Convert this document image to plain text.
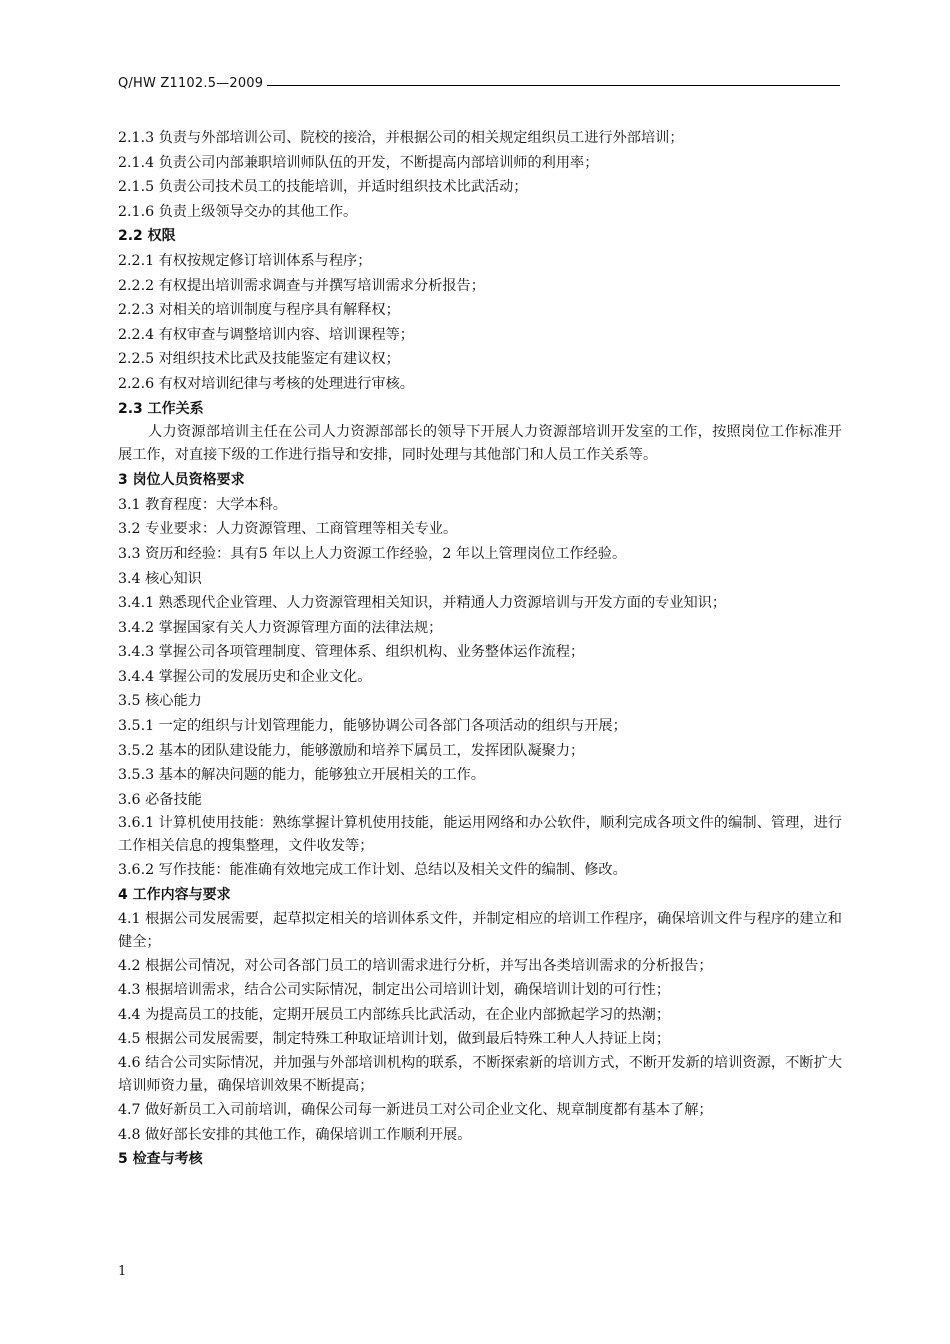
Q/HW Z1102.5—2009
2.1.3 负责与外部培训公司、院校的接洽，并根据公司的相关规定组织员工进行外部培训；
2.1.4 负责公司内部兼职培训师队伍的开发，不断提高内部培训师的利用率；
2.1.5 负责公司技术员工的技能培训，并适时组织技术比武活动；
2.1.6 负责上级领导交办的其他工作。
2.2 权限
2.2.1 有权按规定修订培训体系与程序；
2.2.2 有权提出培训需求调查与并撰写培训需求分析报告；
2.2.3 对相关的培训制度与程序具有解释权；
2.2.4 有权审查与调整培训内容、培训课程等；
2.2.5 对组织技术比武及技能鉴定有建议权；
2.2.6 有权对培训纪律与考核的处理进行审核。
2.3 工作关系

人力资源部培训主任在公司人力资源部部长的领导下开展人力资源部培训开发室的工作，按照岗位工作标准开展工作，对直接下级的工作进行指导和安排，同时处理与其他部门和人员工作关系等。

3 岗位人员资格要求
3.1 教育程度：大学本科。
3.2 专业要求：人力资源管理、工商管理等相关专业。
3.3 资历和经验：具有5 年以上人力资源工作经验，2 年以上管理岗位工作经验。
3.4 核心知识
3.4.1 熟悉现代企业管理、人力资源管理相关知识，并精通人力资源培训与开发方面的专业知识；
3.4.2 掌握国家有关人力资源管理方面的法律法规；
3.4.3 掌握公司各项管理制度、管理体系、组织机构、业务整体运作流程；
3.4.4 掌握公司的发展历史和企业文化。
3.5 核心能力
3.5.1 一定的组织与计划管理能力，能够协调公司各部门各项活动的组织与开展；
3.5.2 基本的团队建设能力，能够激励和培养下属员工，发挥团队凝聚力；
3.5.3 基本的解决问题的能力，能够独立开展相关的工作。
3.6 必备技能

3.6.1 计算机使用技能：熟练掌握计算机使用技能，能运用网络和办公软件，顺利完成各项文件的编制、管理，进行工作相关信息的搜集整理，文件收发等；

3.6.2 写作技能：能准确有效地完成工作计划、总结以及相关文件的编制、修改。
4 工作内容与要求

4.1 根据公司发展需要，起草拟定相关的培训体系文件，并制定相应的培训工作程序，确保培训文件与程序的建立和健全；

4.2 根据公司情况，对公司各部门员工的培训需求进行分析，并写出各类培训需求的分析报告；
4.3 根据培训需求，结合公司实际情况，制定出公司培训计划，确保培训计划的可行性；
4.4 为提高员工的技能，定期开展员工内部练兵比武活动，在企业内部掀起学习的热潮；
4.5 根据公司发展需要，制定特殊工种取证培训计划，做到最后特殊工种人人持证上岗；

4.6 结合公司实际情况，并加强与外部培训机构的联系，不断探索新的培训方式，不断开发新的培训资源，不断扩大培训师资力量，确保培训效果不断提高；

4.7 做好新员工入司前培训，确保公司每一新进员工对公司企业文化、规章制度都有基本了解；
4.8 做好部长安排的其他工作，确保培训工作顺利开展。
5 检查与考核
1
